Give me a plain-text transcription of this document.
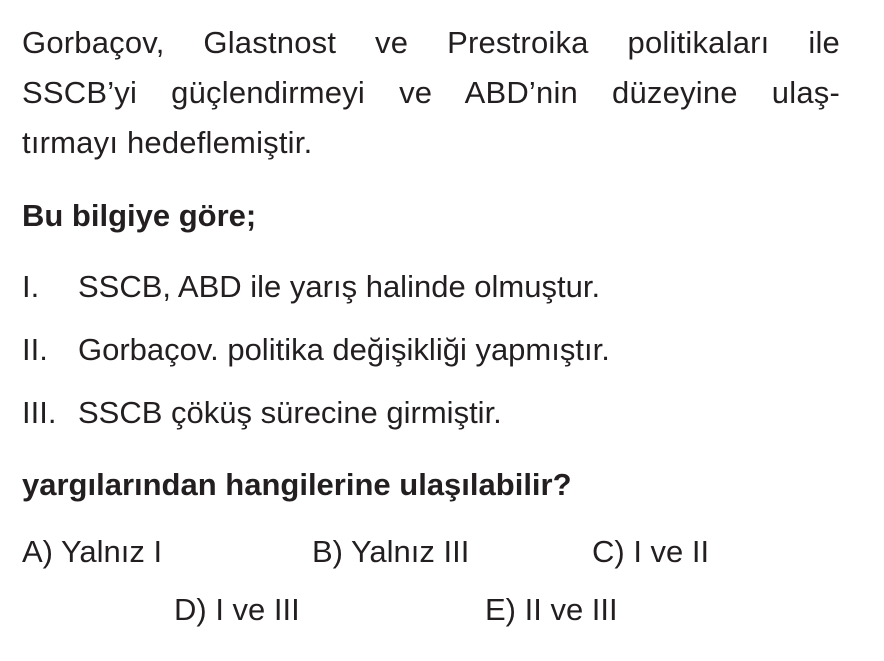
Gorbaçov, Glastnost ve Prestroika politikaları ile
SSCB’yi güçlendirmeyi ve ABD’nin düzeyine ulaş-
tırmayı hedeflemiştir.

Bu bilgiye göre;

I.	SSCB, ABD ile yarış halinde olmuştur.
II. Gorbaçov. politika değişikliği yapmıştır.
III. SSCB çöküş sürecine girmiştir.

yargılarından hangilerine ulaşılabilir?

A) Yalnız I	B) Yalnız III	C) I ve II
D) I ve III	E) II ve III
